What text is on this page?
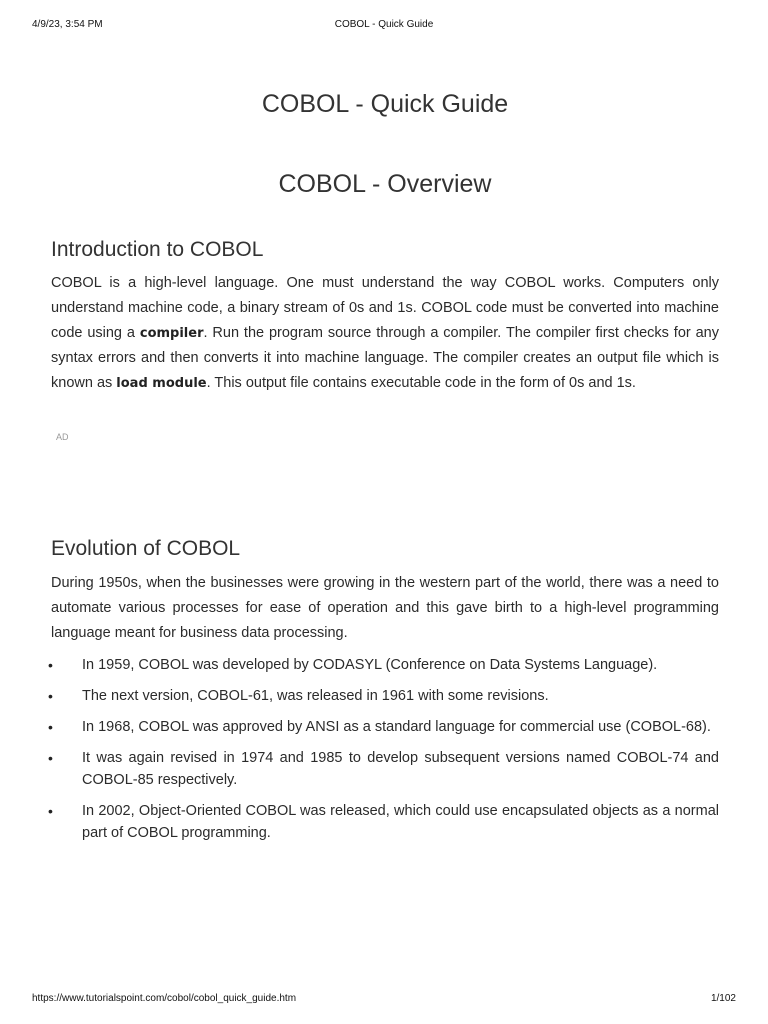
4/9/23, 3:54 PM	COBOL - Quick Guide
COBOL - Quick Guide
COBOL - Overview
Introduction to COBOL

COBOL is a high-level language. One must understand the way COBOL works. Computers only understand machine code, a binary stream of 0s and 1s. COBOL code must be converted into machine code using a compiler. Run the program source through a compiler. The compiler first checks for any syntax errors and then converts it into machine language. The compiler creates an output file which is known as load module. This output file contains executable code in the form of 0s and 1s.

AD
Evolution of COBOL

During 1950s, when the businesses were growing in the western part of the world, there was a need to automate various processes for ease of operation and this gave birth to a high-level programming language meant for business data processing.

• In 1959, COBOL was developed by CODASYL (Conference on Data Systems Language).
• The next version, COBOL-61, was released in 1961 with some revisions.
• In 1968, COBOL was approved by ANSI as a standard language for commercial use (COBOL-68).
• It was again revised in 1974 and 1985 to develop subsequent versions named COBOL-74 and COBOL-85 respectively.
• In 2002, Object-Oriented COBOL was released, which could use encapsulated objects as a normal part of COBOL programming.
https://www.tutorialspoint.com/cobol/cobol_quick_guide.htm	1/102
